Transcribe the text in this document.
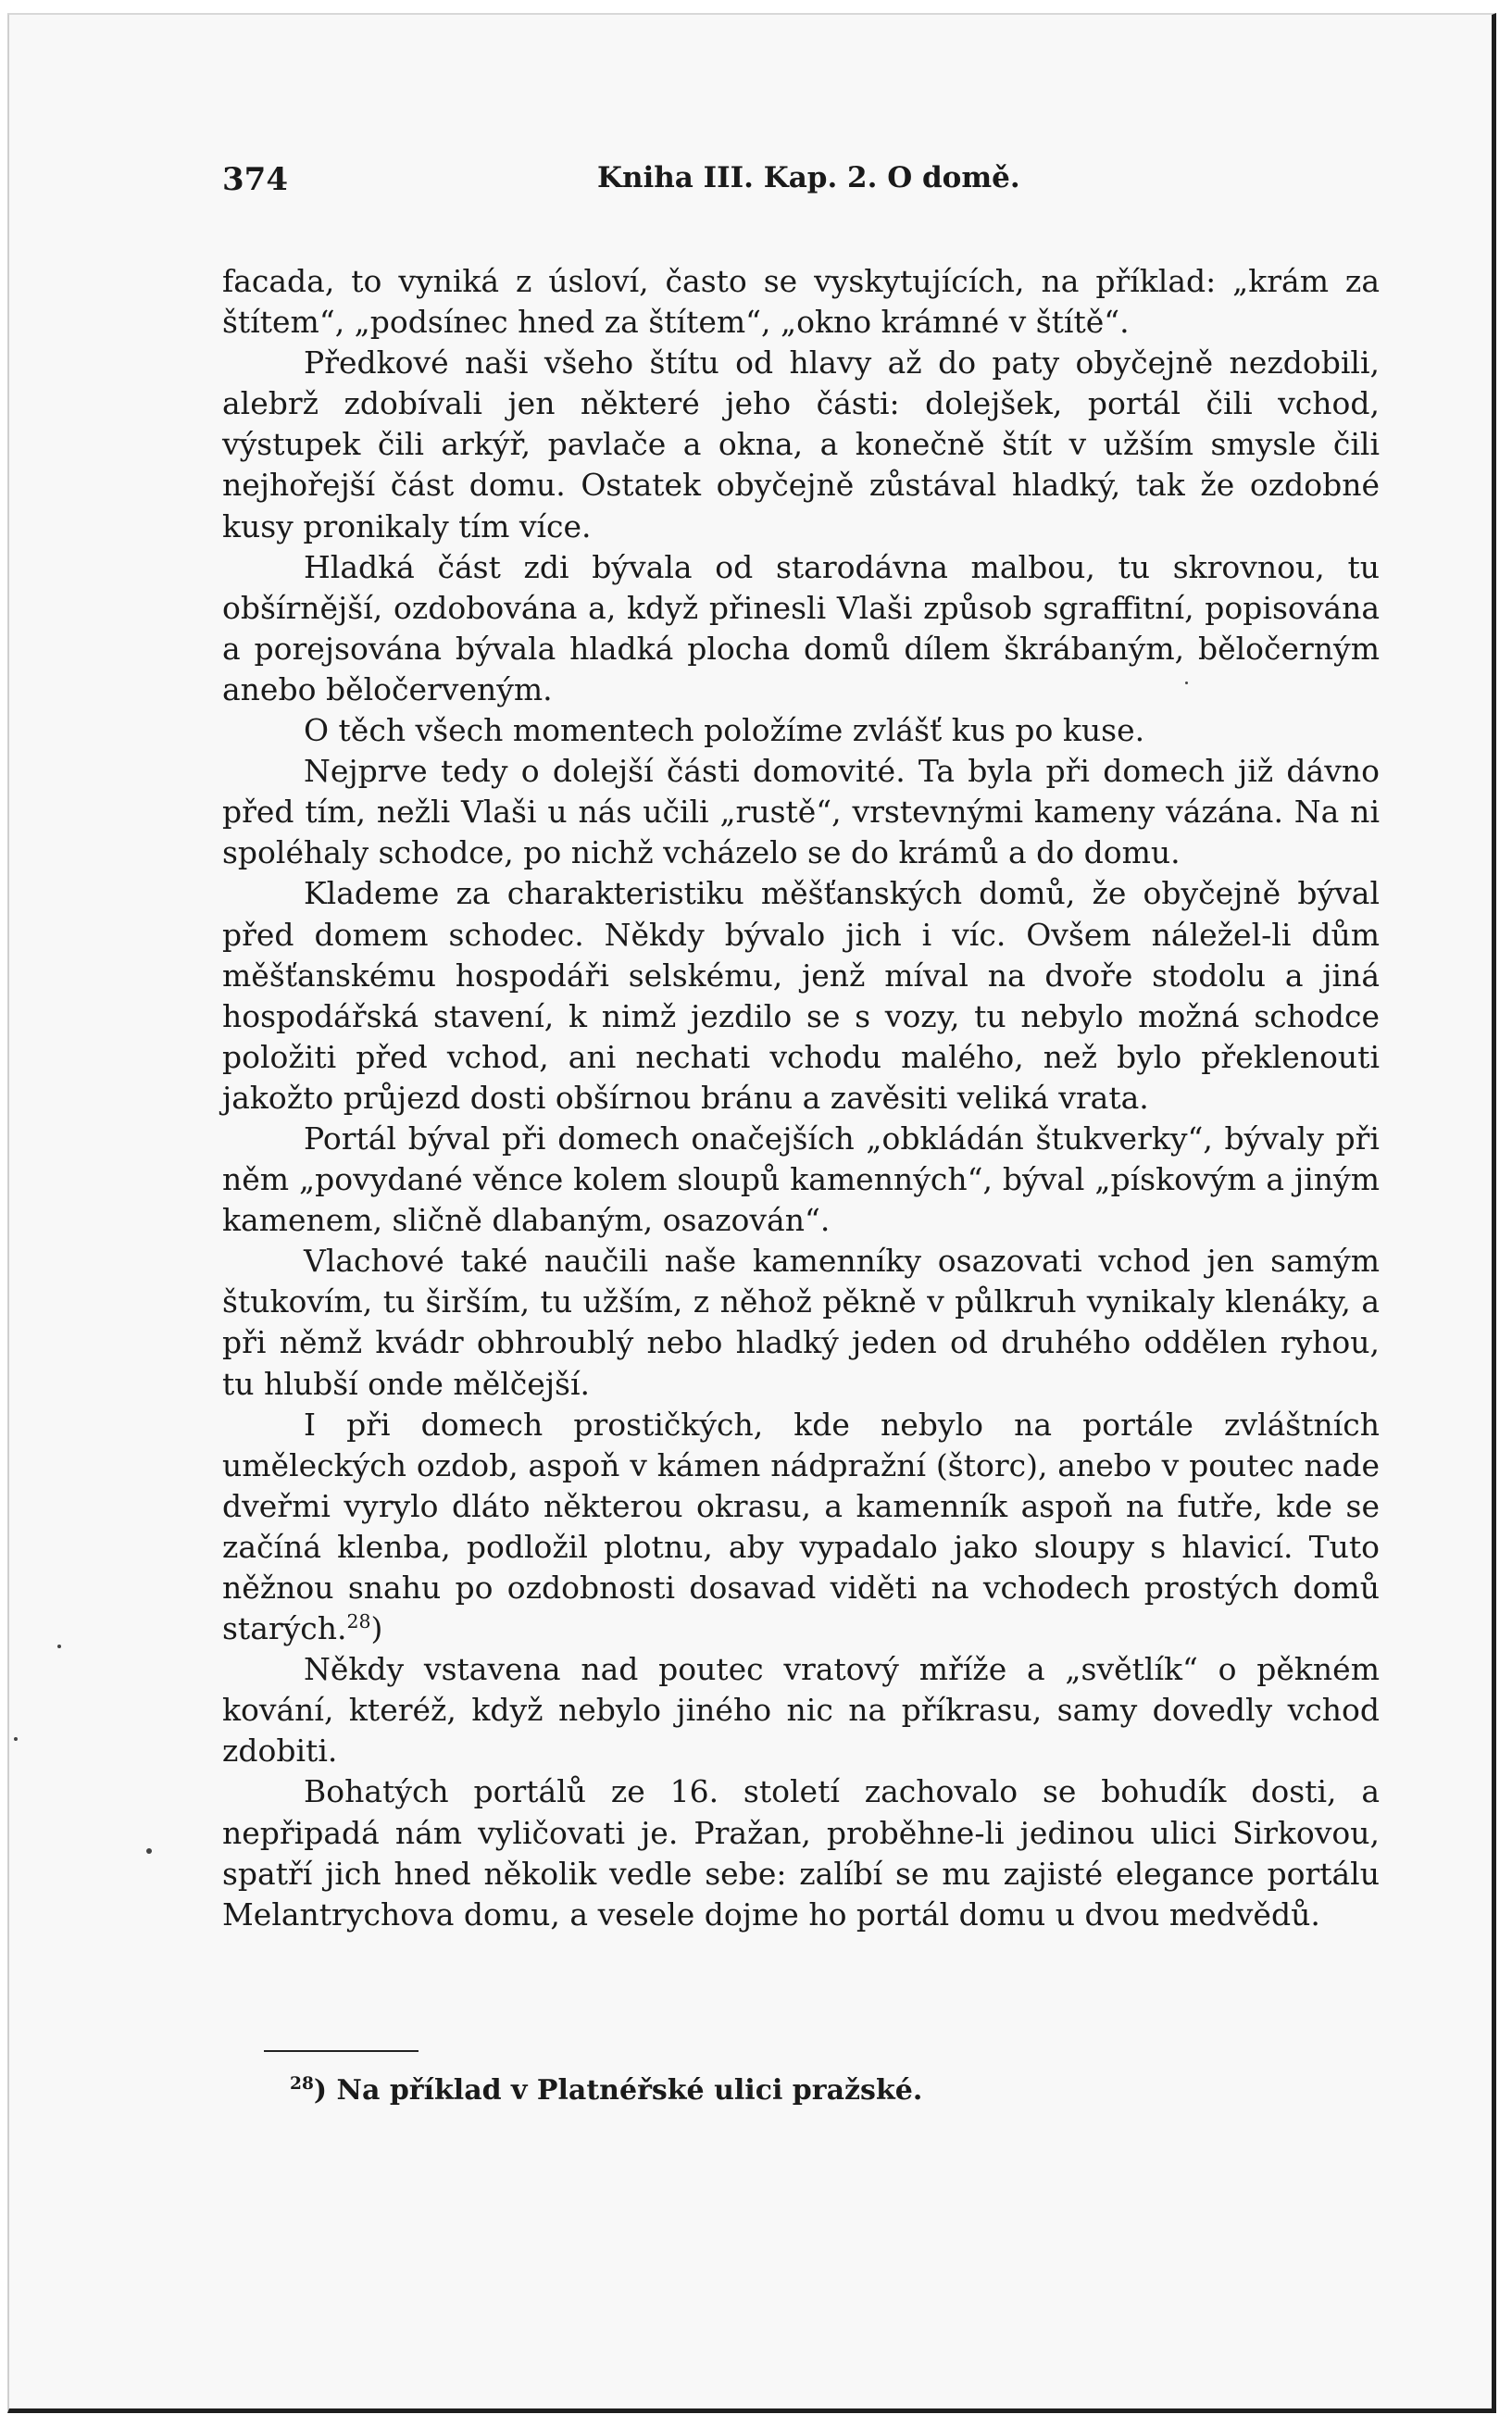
374	Kniha III. Kap. 2. O domě.

facada, to vyniká z úsloví, často se vyskytujících, na příklad: „krám za štítem“, „podsínec hned za štítem“, „okno krámné v štítě“.

Předkové naši všeho štítu od hlavy až do paty obyčejně nezdobili, alebrž zdobívali jen některé jeho části: dolejšek, portál čili vchod, výstupek čili arkýř, pavlače a okna, a konečně štít v užším smysle čili nejhořejší část domu. Ostatek obyčejně zůstával hladký, tak že ozdobné kusy pronikaly tím více.

Hladká část zdi bývala od starodávna malbou, tu skrovnou, tu obšírnější, ozdobována a, když přinesli Vlaši způsob sgraffitní, popisována a porejsována bývala hladká plocha domů dílem škrábaným, běločerným anebo běločerveným.

O těch všech momentech položíme zvlášť kus po kuse.

Nejprve tedy o dolejší části domovité. Ta byla při domech již dávno před tím, nežli Vlaši u nás učili „rustě“, vrstevnými kameny vázána. Na ni spoléhaly schodce, po nichž vcházelo se do krámů a do domu.

Klademe za charakteristiku měšťanských domů, že obyčejně býval před domem schodec. Někdy bývalo jich i víc. Ovšem náležel-li dům měšťanskému hospodáři selskému, jenž míval na dvoře stodolu a jiná hospodářská stavení, k nimž jezdilo se s vozy, tu nebylo možná schodce položiti před vchod, ani nechati vchodu malého, než bylo překlenouti jakožto průjezd dosti obšírnou bránu a zavěsiti veliká vrata.

Portál býval při domech onačejších „obkládán štukverky“, bývaly při něm „povydané věnce kolem sloupů kamenných“, býval „pískovým a jiným kamenem, sličně dlabaným, osazován“.

Vlachové také naučili naše kamenníky osazovati vchod jen samým štukovím, tu širším, tu užším, z něhož pěkně v půlkruh vynikaly klenáky, a při němž kvádr obhroublý nebo hladký jeden od druhého oddělen ryhou, tu hlubší onde mělčejší.

I při domech prostičkých, kde nebylo na portále zvláštních uměleckých ozdob, aspoň v kámen nádpražní (štorc), anebo v poutec nade dveřmi vyrylo dláto některou okrasu, a kamenník aspoň na futře, kde se začíná klenba, podložil plotnu, aby vypadalo jako sloupy s hlavicí. Tuto něžnou snahu po ozdobnosti dosavad viděti na vchodech prostých domů starých.$^{28}$)

Někdy vstavena nad poutec vratový mříže a „světlík“ o pěkném kování, kteréž, když nebylo jiného nic na příkrasu, samy dovedly vchod zdobiti.

Bohatých portálů ze 16. století zachovalo se bohudík dosti, a nepřipadá nám vyličovati je. Pražan, proběhne-li jedinou ulici Sirkovou, spatří jich hned několik vedle sebe: zalíbí se mu zajisté elegance portálu Melantrychova domu, a vesele dojme ho portál domu u dvou medvědů.

$^{28}$) Na příklad v Platnéřské ulici pražské.
